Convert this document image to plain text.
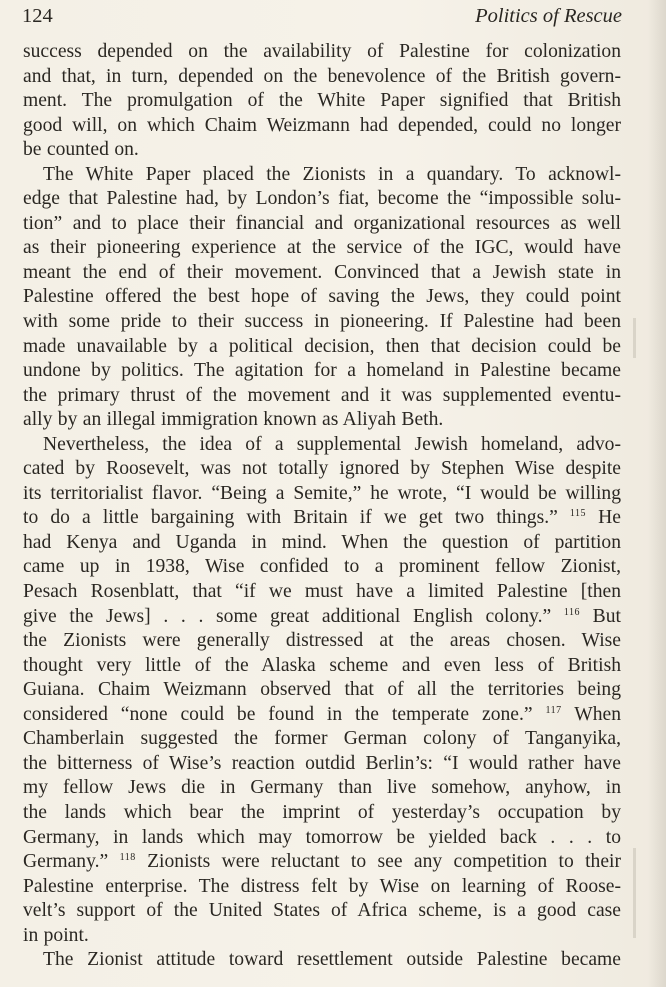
124	Politics of Rescue
success depended on the availability of Palestine for colonization
and that, in turn, depended on the benevolence of the British govern-
ment. The promulgation of the White Paper signified that British
good will, on which Chaim Weizmann had depended, could no longer
be counted on.
The White Paper placed the Zionists in a quandary. To acknowl-
edge that Palestine had, by London’s fiat, become the “impossible solu-
tion” and to place their financial and organizational resources as well
as their pioneering experience at the service of the IGC, would have
meant the end of their movement. Convinced that a Jewish state in
Palestine offered the best hope of saving the Jews, they could point
with some pride to their success in pioneering. If Palestine had been
made unavailable by a political decision, then that decision could be
undone by politics. The agitation for a homeland in Palestine became
the primary thrust of the movement and it was supplemented eventu-
ally by an illegal immigration known as Aliyah Beth.
Nevertheless, the idea of a supplemental Jewish homeland, advo-
cated by Roosevelt, was not totally ignored by Stephen Wise despite
its territorialist flavor. “Being a Semite,” he wrote, “I would be willing
to do a little bargaining with Britain if we get two things.” $^{115}$ He
had Kenya and Uganda in mind. When the question of partition
came up in 1938, Wise confided to a prominent fellow Zionist,
Pesach Rosenblatt, that “if we must have a limited Palestine [then
give the Jews] . . . some great additional English colony.” $^{116}$ But
the Zionists were generally distressed at the areas chosen. Wise
thought very little of the Alaska scheme and even less of British
Guiana. Chaim Weizmann observed that of all the territories being
considered “none could be found in the temperate zone.” $^{117}$ When
Chamberlain suggested the former German colony of Tanganyika,
the bitterness of Wise’s reaction outdid Berlin’s: “I would rather have
my fellow Jews die in Germany than live somehow, anyhow, in
the lands which bear the imprint of yesterday’s occupation by
Germany, in lands which may tomorrow be yielded back . . . to
Germany.” $^{118}$ Zionists were reluctant to see any competition to their
Palestine enterprise. The distress felt by Wise on learning of Roose-
velt’s support of the United States of Africa scheme, is a good case
in point.
The Zionist attitude toward resettlement outside Palestine became
